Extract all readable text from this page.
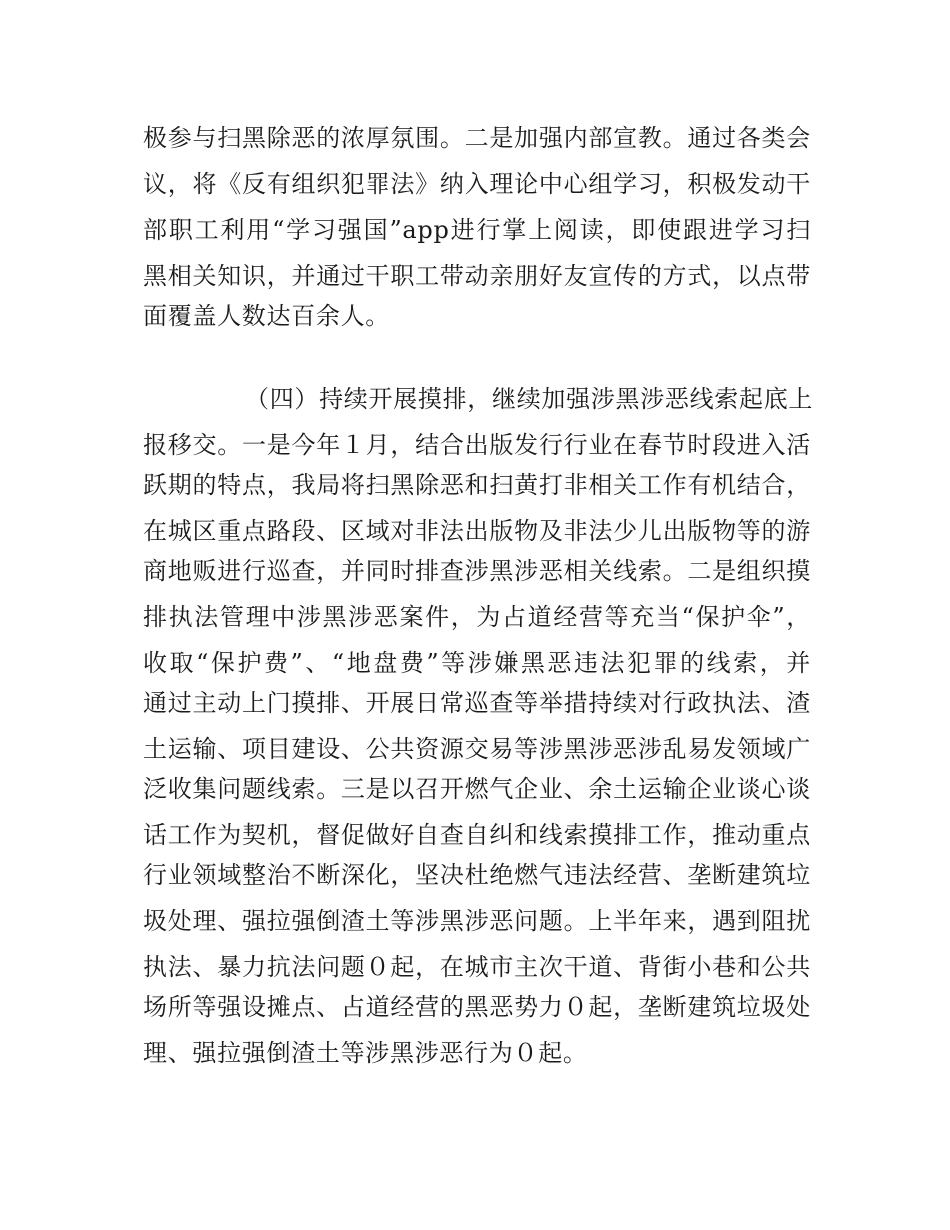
极参与扫黑除恶的浓厚氛围。二是加强内部宣教。通过各类会
议，将《反有组织犯罪法》纳入理论中心组学习，积极发动干
部职工利用“学习强国”app进行掌上阅读，即使跟进学习扫
黑相关知识，并通过干职工带动亲朋好友宣传的方式，以点带
面覆盖人数达百余人。
（四）持续开展摸排，继续加强涉黑涉恶线索起底上
报移交。一是今年１月，结合出版发行行业在春节时段进入活
跃期的特点，我局将扫黑除恶和扫黄打非相关工作有机结合，
在城区重点路段、区域对非法出版物及非法少儿出版物等的游
商地贩进行巡查，并同时排查涉黑涉恶相关线索。二是组织摸
排执法管理中涉黑涉恶案件，为占道经营等充当“保护伞”，
收取“保护费”、“地盘费”等涉嫌黑恶违法犯罪的线索，并
通过主动上门摸排、开展日常巡查等举措持续对行政执法、渣
土运输、项目建设、公共资源交易等涉黑涉恶涉乱易发领域广
泛收集问题线索。三是以召开燃气企业、余土运输企业谈心谈
话工作为契机，督促做好自查自纠和线索摸排工作，推动重点
行业领域整治不断深化，坚决杜绝燃气违法经营、垄断建筑垃
圾处理、强拉强倒渣土等涉黑涉恶问题。上半年来，遇到阻扰
执法、暴力抗法问题０起，在城市主次干道、背街小巷和公共
场所等强设摊点、占道经营的黑恶势力０起，垄断建筑垃圾处
理、强拉强倒渣土等涉黑涉恶行为０起。
